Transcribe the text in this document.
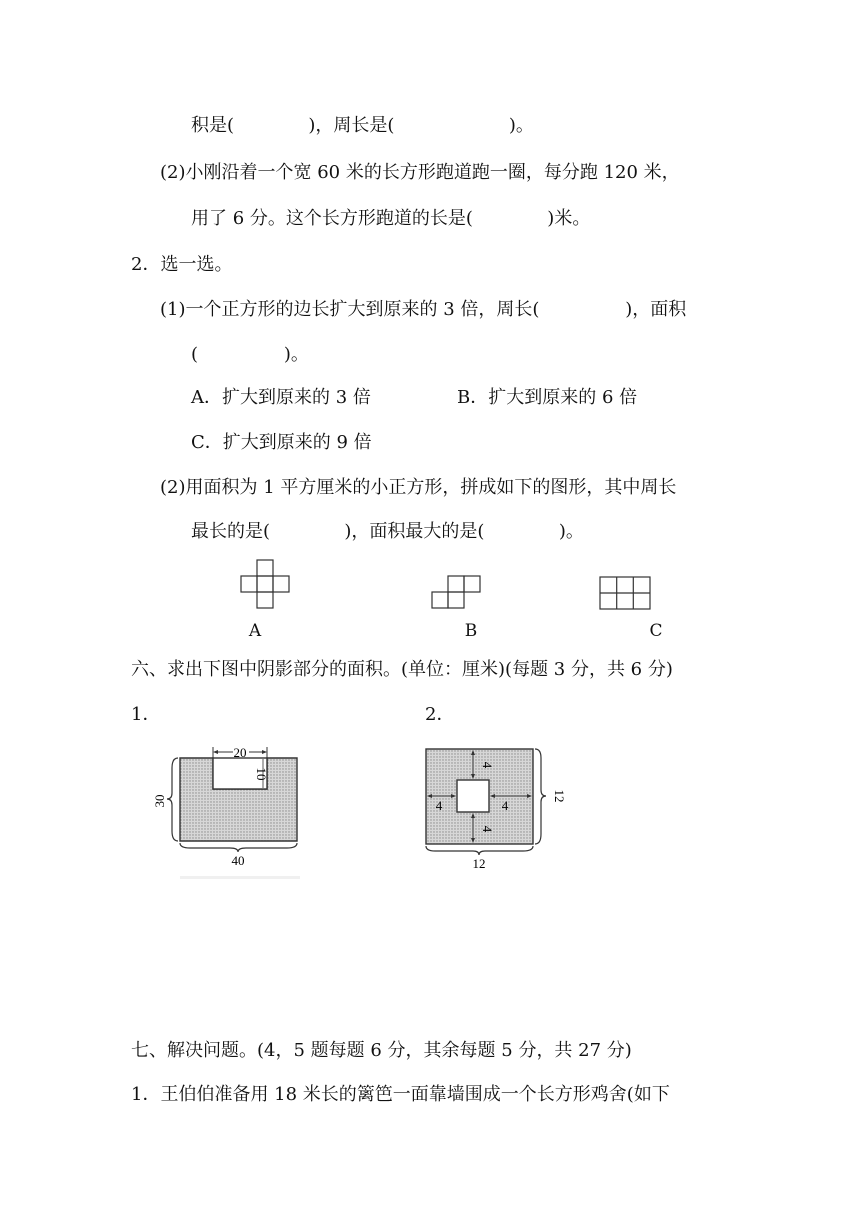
积是(             )，周长是(                    )。
(2)小刚沿着一个宽 60 米的长方形跑道跑一圈，每分跑 120 米，
用了 6 分。这个长方形跑道的长是(             )米。
2．选一选。
(1)一个正方形的边长扩大到原来的 3 倍，周长(               )，面积
(               )。
A．扩大到原来的 3 倍	B．扩大到原来的 6 倍
C．扩大到原来的 9 倍
(2)用面积为 1 平方厘米的小正方形，拼成如下的图形，其中周长
最长的是(             )，面积最大的是(             )。
A	B	C
六、求出下图中阴影部分的面积。(单位：厘米)(每题 3 分，共 6 分)
1．	2．
20
10
30
40
4
4	4
4
12
12
七、解决问题。(4，5 题每题 6 分，其余每题 5 分，共 27 分)
1．王伯伯准备用 18 米长的篱笆一面靠墙围成一个长方形鸡舍(如下
